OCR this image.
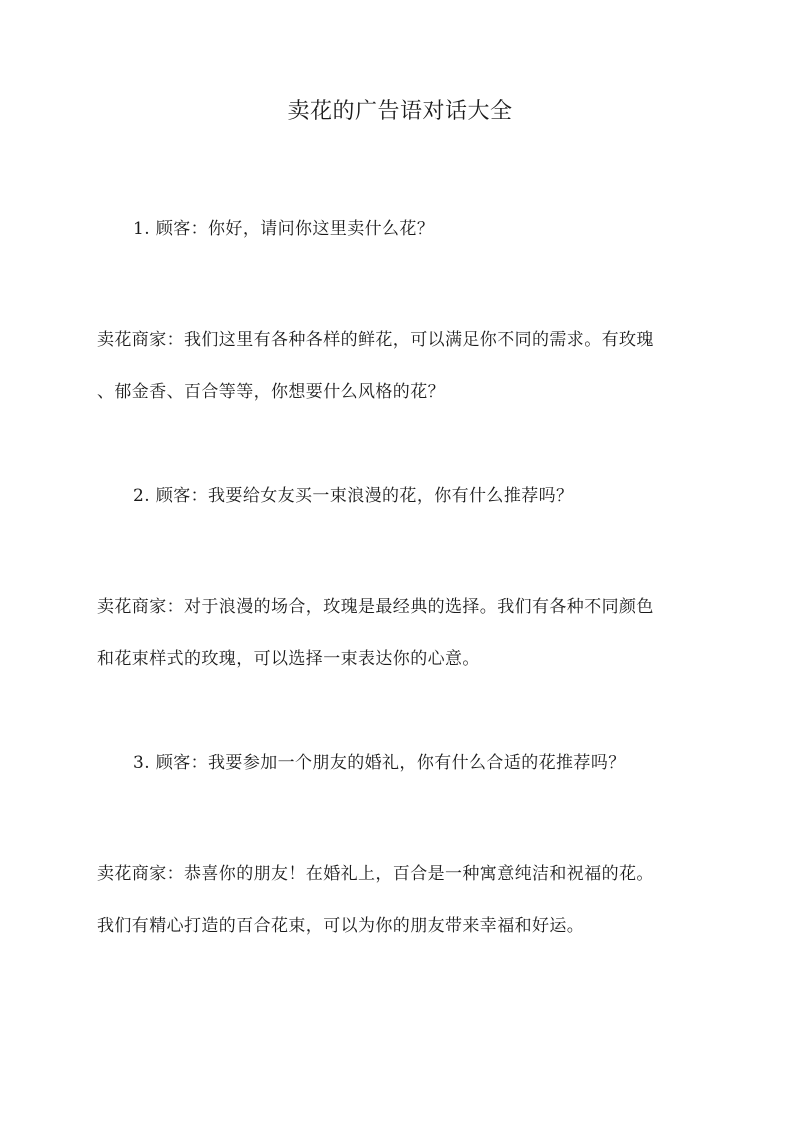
卖花的广告语对话大全

1. 顾客：你好，请问你这里卖什么花？

卖花商家：我们这里有各种各样的鲜花，可以满足你不同的需求。有玫瑰

、郁金香、百合等等，你想要什么风格的花？

2. 顾客：我要给女友买一束浪漫的花，你有什么推荐吗？

卖花商家：对于浪漫的场合，玫瑰是最经典的选择。我们有各种不同颜色

和花束样式的玫瑰，可以选择一束表达你的心意。

3. 顾客：我要参加一个朋友的婚礼，你有什么合适的花推荐吗？

卖花商家：恭喜你的朋友！在婚礼上，百合是一种寓意纯洁和祝福的花。

我们有精心打造的百合花束，可以为你的朋友带来幸福和好运。
